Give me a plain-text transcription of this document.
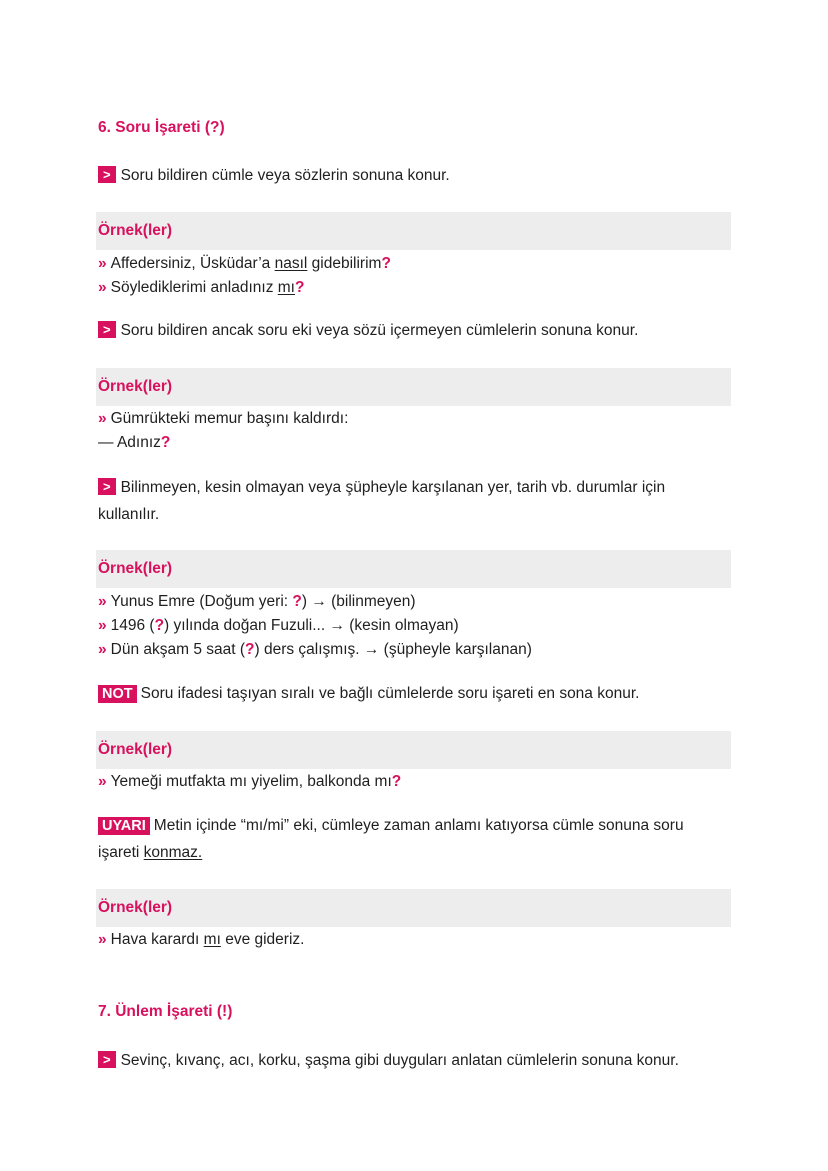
6. Soru İşareti (?)
> Soru bildiren cümle veya sözlerin sonuna konur.
Örnek(ler)
» Affedersiniz, Üsküdar’a nasıl gidebilirim?
» Söylediklerimi anladınız mı?
> Soru bildiren ancak soru eki veya sözü içermeyen cümlelerin sonuna konur.
Örnek(ler)
» Gümrükteki memur başını kaldırdı:
— Adınız?
> Bilinmeyen, kesin olmayan veya şüpheyle karşılanan yer, tarih vb. durumlar için kullanılır.
Örnek(ler)
» Yunus Emre (Doğum yeri: ?) → (bilinmeyen)
» 1496 (?) yılında doğan Fuzuli... → (kesin olmayan)
» Dün akşam 5 saat (?) ders çalışmış. → (şüpheyle karşılanan)
NOT Soru ifadesi taşıyan sıralı ve bağlı cümlelerde soru işareti en sona konur.
Örnek(ler)
» Yemeği mutfakta mı yiyelim, balkonda mı?
UYARI Metin içinde “mı/mi” eki, cümleye zaman anlamı katıyorsa cümle sonuna soru işareti konmaz.
Örnek(ler)
» Hava karardı mı eve gideriz.
7. Ünlem İşareti (!)
> Sevinç, kıvanç, acı, korku, şaşma gibi duyguları anlatan cümlelerin sonuna konur.
